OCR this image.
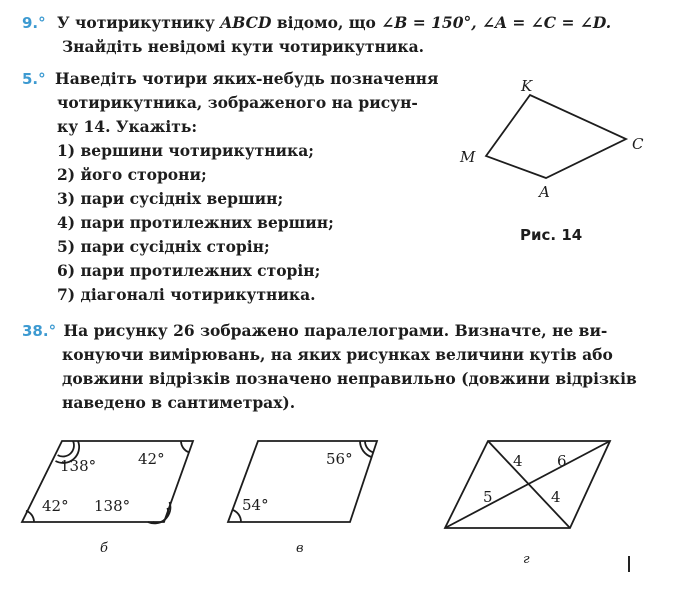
9.° У чотирикутнику ABCD відомо, що ∠B = 150°, ∠A = ∠C = ∠D.
Знайдіть невідомі кути чотирикутника.
5.° Наведіть чотири яких-небудь позначення
чотирикутника, зображеного на рисун-
ку 14. Укажіть:
1) вершини чотирикутника;
2) його сторони;
3) пари сусідніх вершин;
4) пари протилежних вершин;
5) пари сусідніх сторін;
6) пари протилежних сторін;
7) діагоналі чотирикутника.
Рис. 14
38.° На рисунку 26 зображено паралелограми. Визначте, не ви-
конуючи вимірювань, на яких рисунках величини кутів або
довжини відрізків позначено неправильно (довжини відрізків
наведено в сантиметрах).
K
C
M
A
138°	42°
42° 138°
б
56°
54°
в
4 6
5	4
г
